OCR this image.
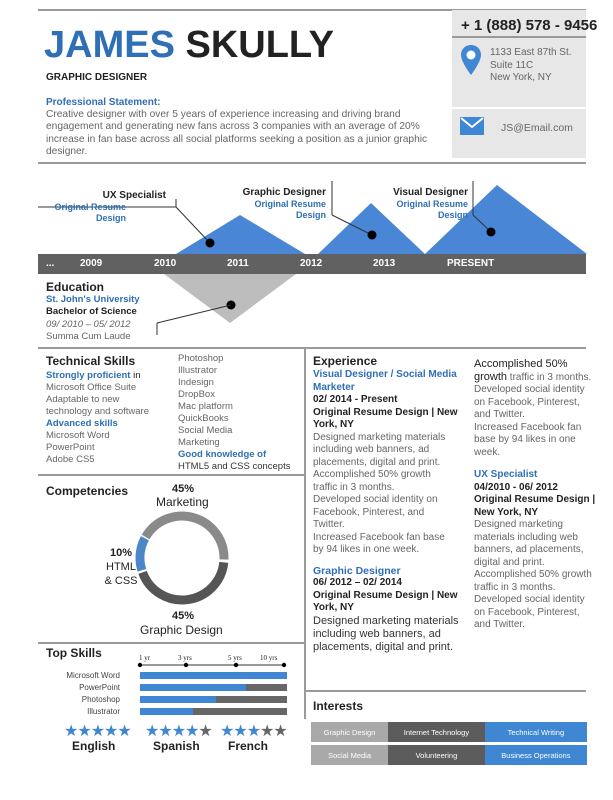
JAMES SKULLY
GRAPHIC DESIGNER
+ 1 (888) 578 - 9456
1133 East 87th St.
Suite 11C
New York, NY
JS@Email.com
Professional Statement:
Creative designer with over 5 years of experience increasing and driving brand engagement and generating new fans across 3 companies with an average of 20% increase in fan base across all social platforms seeking a position as a junior graphic designer.
UX Specialist
Original Resume
Design
Graphic Designer
Original Resume
Design
Visual Designer
Original Resume
Design
...	2009	2010	2011	2012	2013	PRESENT
Education
St. John's University
Bachelor of Science
09/ 2010 – 05/ 2012
Summa Cum Laude
Technical Skills
Strongly proficient in
Microsoft Office Suite
Adaptable to new
technology and software
Advanced skills
Microsoft Word
PowerPoint
Adobe CS5
Photoshop
Illustrator
Indesign
DropBox
Mac platform
QuickBooks
Social Media
Marketing
Good knowledge of
HTML5 and CSS concepts
Competencies	45%
Marketing
10%
HTML
& CSS
45%
Graphic Design
Top Skills	1 yr	3 yrs	5 yrs	10 yrs
Microsoft Word
PowerPoint
Photoshop
Illustrator
★★★★★
English
★★★★★
Spanish
★★★★★
French
Experience
Visual Designer / Social Media Marketer
02/ 2014 - Present
Original Resume Design | New York, NY
Designed marketing materials
including web banners, ad
placements, digital and print.
Accomplished 50% growth
traffic in 3 months.
Developed social identity on
Facebook, Pinterest, and
Twitter.
Increased Facebook fan base
by 94 likes in one week.
Graphic Designer
06/ 2012 – 02/ 2014
Original Resume Design | New York, NY
Designed marketing materials including web banners, ad placements, digital and print.
Accomplished 50%
growth traffic in 3 months.
Developed social identity
on Facebook, Pinterest,
and Twitter.
Increased Facebook fan
base by 94 likes in one
week.
UX Specialist
04/2010 - 06/ 2012
Original Resume Design | New York, NY
Designed marketing
materials including web
banners, ad placements,
digital and print.
Accomplished 50% growth
traffic in 3 months.
Developed social identity
on Facebook, Pinterest,
and Twitter.
Interests
Graphic Design	Internet Technology	Technical Writing
Social Media	Volunteering	Business Operations
